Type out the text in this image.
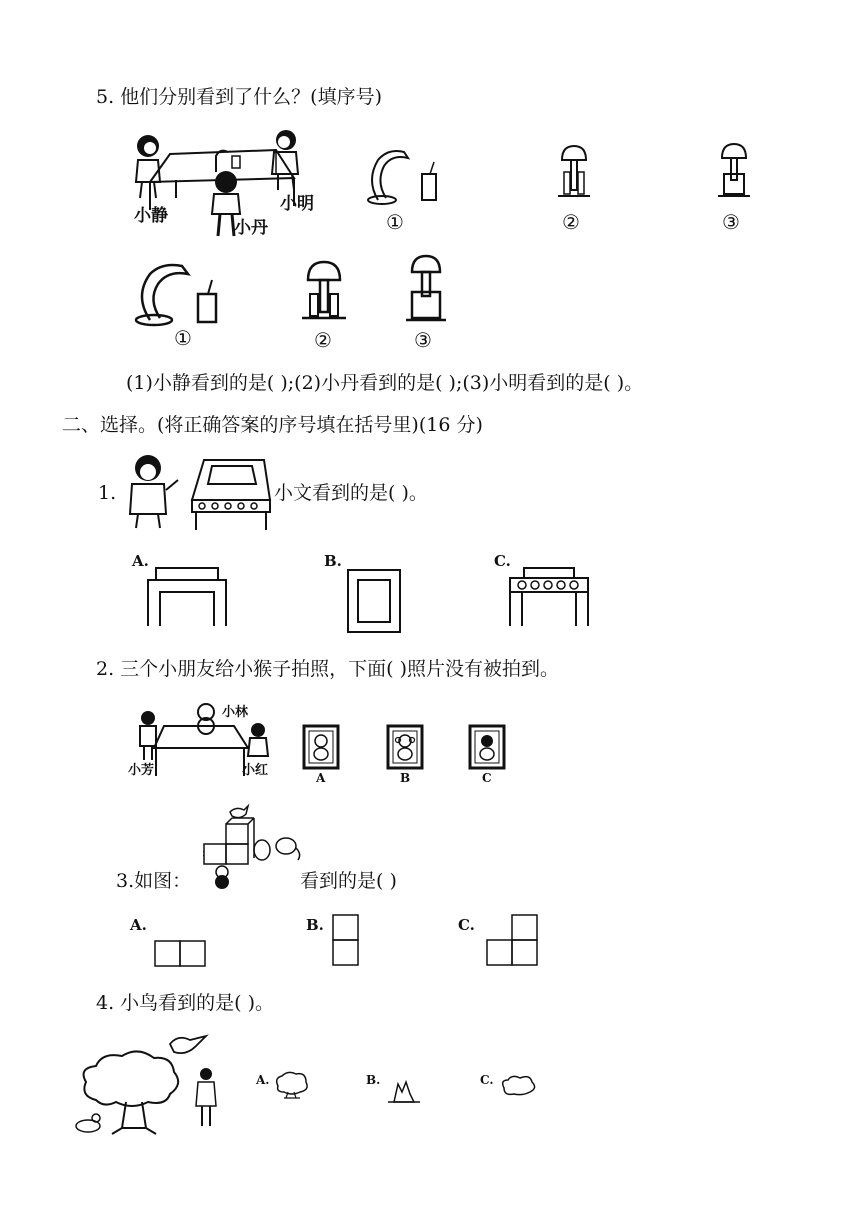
5. 他们分别看到了什么？(填序号)
小静
小明
小丹	①	②	③
①	②	③
(1)小静看到的是( );(2)小丹看到的是( );(3)小明看到的是( )。
二、选择。(将正确答案的序号填在括号里)(16 分)
1.	小文看到的是( )。
A.	B.	C.
2. 三个小朋友给小猴子拍照，下面( )照片没有被拍到。
小林
小芳	小红	A	B	C
:
3.如图：	看到的是( )
A.	B.	C.
4. 小鸟看到的是( )。
A.	B.	C.
